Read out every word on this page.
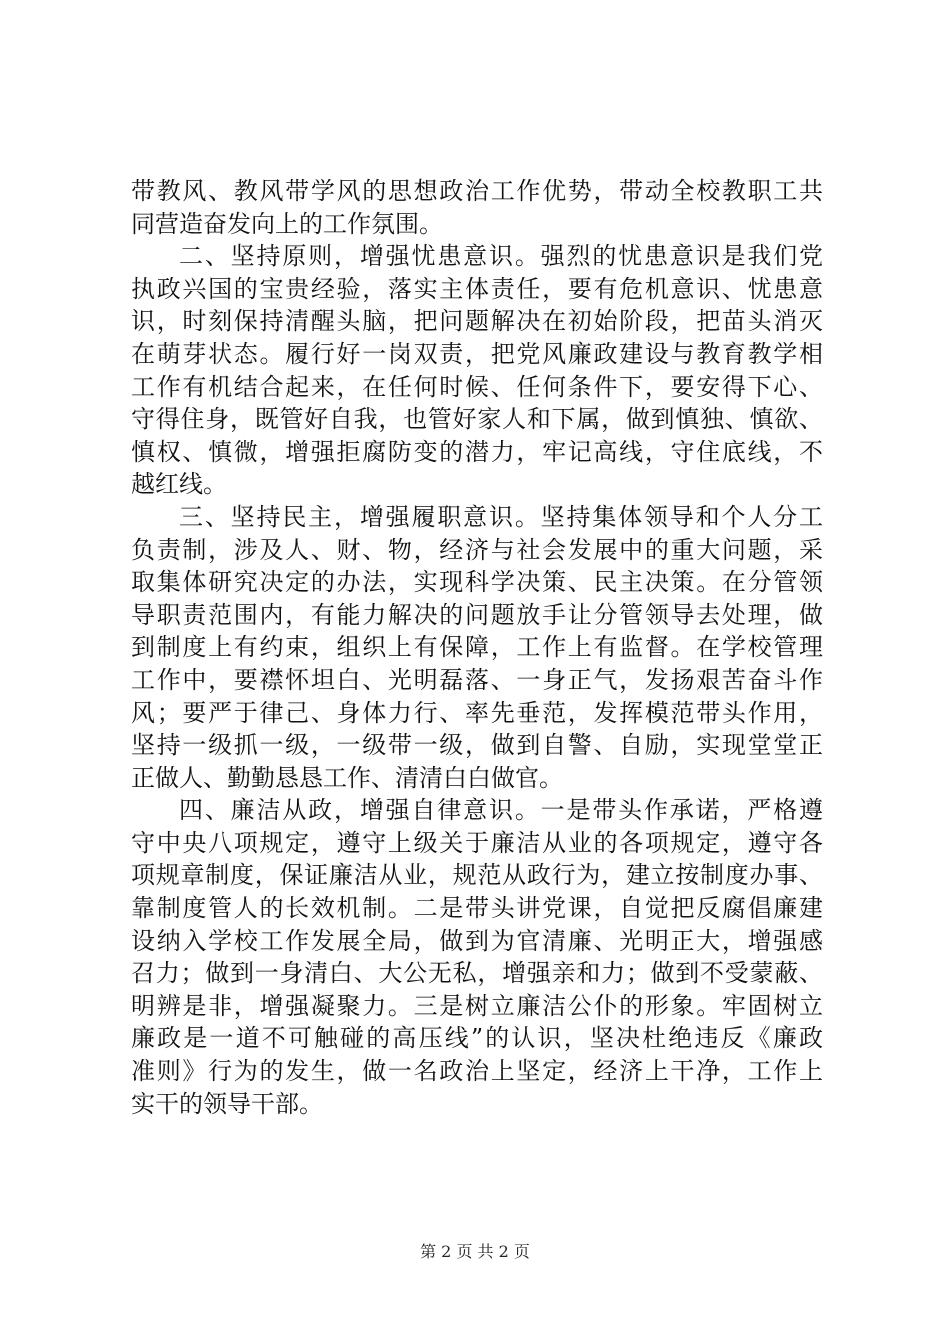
带教风、教风带学风的思想政治工作优势，带动全校教职工共
同营造奋发向上的工作氛围。
二、坚持原则，增强忧患意识。强烈的忧患意识是我们党
执政兴国的宝贵经验，落实主体责任，要有危机意识、忧患意
识，时刻保持清醒头脑，把问题解决在初始阶段，把苗头消灭
在萌芽状态。履行好一岗双责，把党风廉政建设与教育教学相
工作有机结合起来，在任何时候、任何条件下，要安得下心、
守得住身，既管好自我，也管好家人和下属，做到慎独、慎欲、
慎权、慎微，增强拒腐防变的潜力，牢记高线，守住底线，不
越红线。
三、坚持民主，增强履职意识。坚持集体领导和个人分工
负责制，涉及人、财、物，经济与社会发展中的重大问题，采
取集体研究决定的办法，实现科学决策、民主决策。在分管领
导职责范围内，有能力解决的问题放手让分管领导去处理，做
到制度上有约束，组织上有保障，工作上有监督。在学校管理
工作中，要襟怀坦白、光明磊落、一身正气，发扬艰苦奋斗作
风；要严于律己、身体力行、率先垂范，发挥模范带头作用，
坚持一级抓一级，一级带一级，做到自警、自励，实现堂堂正
正做人、勤勤恳恳工作、清清白白做官。
四、廉洁从政，增强自律意识。一是带头作承诺，严格遵
守中央八项规定，遵守上级关于廉洁从业的各项规定，遵守各
项规章制度，保证廉洁从业，规范从政行为，建立按制度办事、
靠制度管人的长效机制。二是带头讲党课，自觉把反腐倡廉建
设纳入学校工作发展全局，做到为官清廉、光明正大，增强感
召力；做到一身清白、大公无私，增强亲和力；做到不受蒙蔽、
明辨是非，增强凝聚力。三是树立廉洁公仆的形象。牢固树立
廉政是一道不可触碰的高压线”的认识，坚决杜绝违反《廉政
准则》行为的发生，做一名政治上坚定，经济上干净，工作上
实干的领导干部。
第 2 页 共 2 页
